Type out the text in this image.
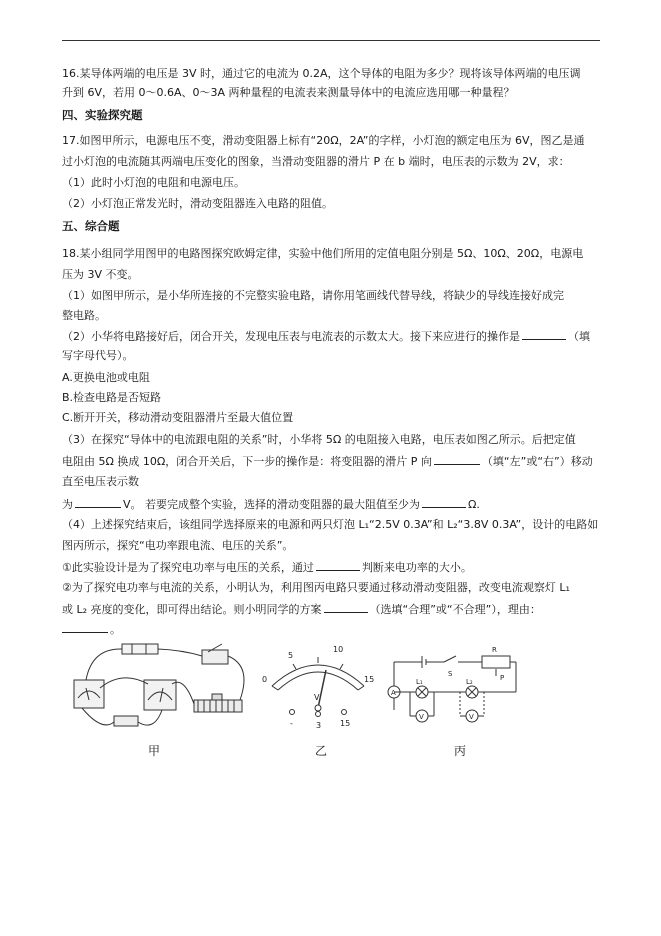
16.某导体两端的电压是 3V 时，通过它的电流为 0.2A，这个导体的电阻为多少？现将该导体两端的电压调
升到 6V，若用 0～0.6A、0～3A 两种量程的电流表来测量导体中的电流应选用哪一种量程？
四、实验探究题
17.如图甲所示，电源电压不变，滑动变阻器上标有“20Ω，2A”的字样，小灯泡的额定电压为 6V，图乙是通
过小灯泡的电流随其两端电压变化的图象，当滑动变阻器的滑片 P 在 b 端时，电压表的示数为 2V，求：
（1）此时小灯泡的电阻和电源电压。
（2）小灯泡正常发光时，滑动变阻器连入电路的阻值。
五、综合题
18.某小组同学用图甲的电路图探究欧姆定律，实验中他们所用的定值电阻分别是 5Ω、10Ω、20Ω，电源电
压为 3V 不变。
（1）如图甲所示，是小华所连接的不完整实验电路，请你用笔画线代替导线，将缺少的导线连接好成完
整电路。
（2）小华将电路接好后，闭合开关，发现电压表与电流表的示数太大。接下来应进行的操作是	（填
写字母代号）。
A.更换电池或电阻
B.检查电路是否短路
C.断开开关，移动滑动变阻器滑片至最大值位置
（3）在探究“导体中的电流跟电阻的关系”时，小华将 5Ω 的电阻接入电路，电压表如图乙所示。后把定值
电阻由 5Ω 换成 10Ω，闭合开关后，下一步的操作是：将变阻器的滑片 P 向	（填“左”或“右”）移动
直至电压表示数
为	V。 若要完成整个实验，选择的滑动变阻器的最大阻值至少为	Ω.
（4）上述探究结束后，该组同学选择原来的电源和两只灯泡 L₁“2.5V 0.3A”和 L₂“3.8V 0.3A”，设计的电路如
图丙所示，探究“电功率跟电流、电压的关系”。
①此实验设计是为了探究电功率与电压的关系，通过	判断来电功率的大小。
②为了探究电功率与电流的关系，小明认为，利用图丙电路只要通过移动滑动变阻器，改变电流观察灯 L₁
或 L₂ 亮度的变化，即可得出结论。则小明同学的方案	（选填“合理”或“不合理”），理由：
。
甲
0
5
10
15
V
-	3 15
乙
A
S
R
P
L₁	L₂
V	V
丙
